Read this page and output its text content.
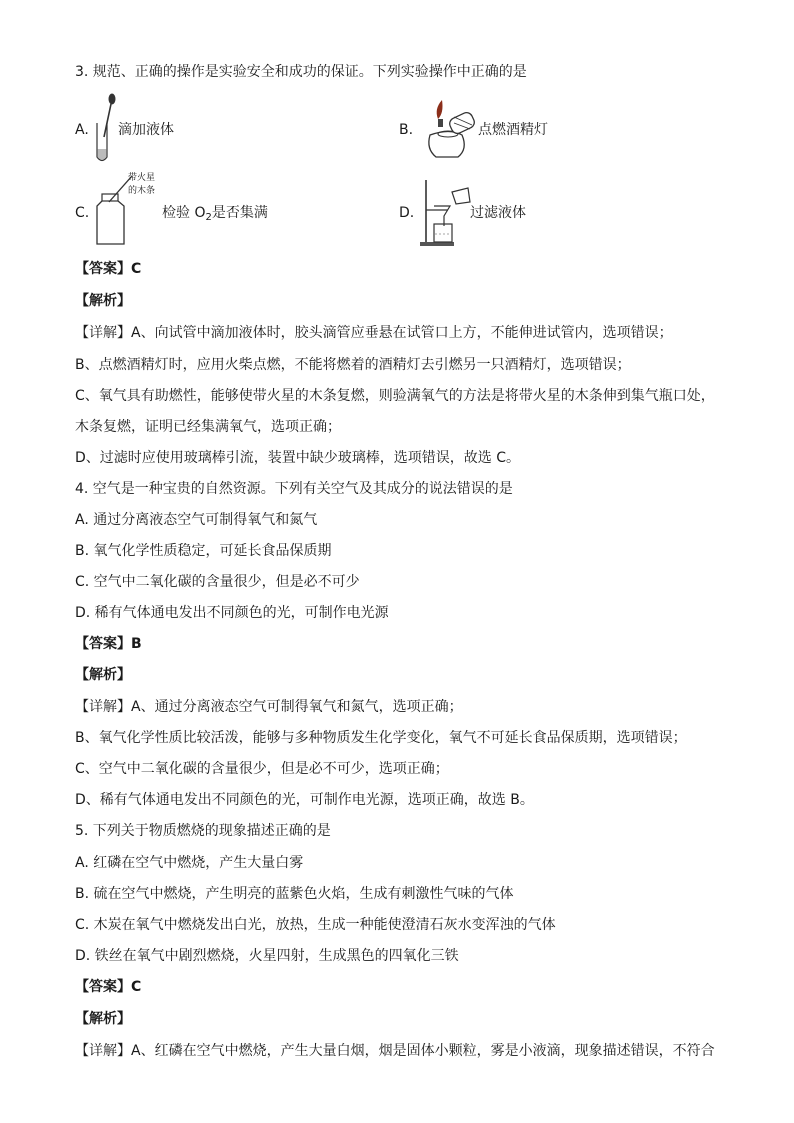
3. 规范、正确的操作是实验安全和成功的保证。下列实验操作中正确的是
A. 滴加液体	B.	点燃酒精灯
C.
带火星
的木条
检验 $O_2$是否集满	D.	过滤液体
【答案】C
【解析】
【详解】A、向试管中滴加液体时，胶头滴管应垂悬在试管口上方，不能伸进试管内，选项错误；
B、点燃酒精灯时，应用火柴点燃，不能将燃着的酒精灯去引燃另一只酒精灯，选项错误；
C、氧气具有助燃性，能够使带火星的木条复燃，则验满氧气的方法是将带火星的木条伸到集气瓶口处，
木条复燃，证明已经集满氧气，选项正确；
D、过滤时应使用玻璃棒引流，装置中缺少玻璃棒，选项错误，故选 C。
4. 空气是一种宝贵的自然资源。下列有关空气及其成分的说法错误的是
A. 通过分离液态空气可制得氧气和氮气
B. 氧气化学性质稳定，可延长食品保质期
C. 空气中二氧化碳的含量很少，但是必不可少
D. 稀有气体通电发出不同颜色的光，可制作电光源
【答案】B
【解析】
【详解】A、通过分离液态空气可制得氧气和氮气，选项正确；
B、氧气化学性质比较活泼，能够与多种物质发生化学变化，氧气不可延长食品保质期，选项错误；
C、空气中二氧化碳的含量很少，但是必不可少，选项正确；
D、稀有气体通电发出不同颜色的光，可制作电光源，选项正确，故选 B。
5. 下列关于物质燃烧的现象描述正确的是
A. 红磷在空气中燃烧，产生大量白雾
B. 硫在空气中燃烧，产生明亮的蓝紫色火焰，生成有刺激性气味的气体
C. 木炭在氧气中燃烧发出白光，放热，生成一种能使澄清石灰水变浑浊的气体
D. 铁丝在氧气中剧烈燃烧，火星四射，生成黑色的四氧化三铁
【答案】C
【解析】
【详解】A、红磷在空气中燃烧，产生大量白烟，烟是固体小颗粒，雾是小液滴，现象描述错误，不符合
